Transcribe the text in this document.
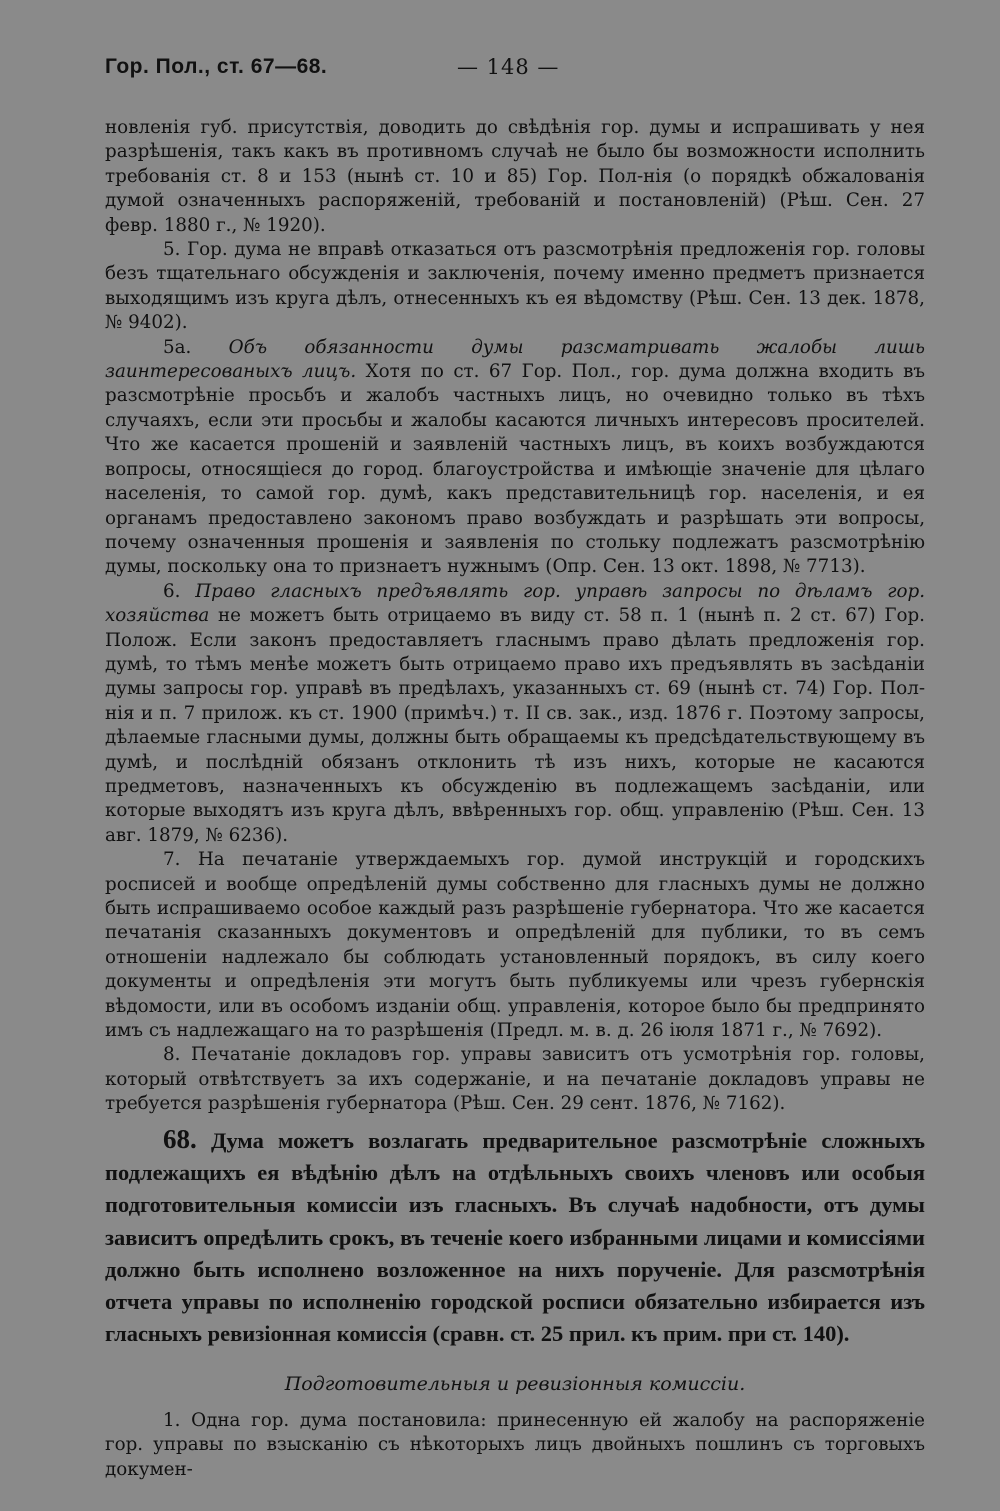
Гор. Пол., ст. 67—68.	— 148 —

новленія губ. присутствія, доводить до свѣдѣнія гор. думы и испрашивать у нея разрѣшенія, такъ какъ въ противномъ случаѣ не было бы возможности исполнить требованія ст. 8 и 153 (нынѣ ст. 10 и 85) Гор. Пол-нія (о порядкѣ обжалованія думой означенныхъ распоряженій, требованій и постановленій) (Рѣш. Сен. 27 февр. 1880 г., № 1920).

5. Гор. дума не вправѣ отказаться отъ разсмотрѣнія предложенія гор. головы безъ тщательнаго обсужденія и заключенія, почему именно предметъ признается выходящимъ изъ круга дѣлъ, отнесенныхъ къ ея вѣдомству (Рѣш. Сен. 13 дек. 1878, № 9402).

5а. Объ обязанности думы разсматривать жалобы лишь заинтересованыхъ лицъ. Хотя по ст. 67 Гор. Пол., гор. дума должна входить въ разсмотрѣніе просьбъ и жалобъ частныхъ лицъ, но очевидно только въ тѣхъ случаяхъ, если эти просьбы и жалобы касаются личныхъ интересовъ просителей. Что же касается прошеній и заявленій частныхъ лицъ, въ коихъ возбуждаются вопросы, относящіеся до город. благоустройства и имѣющіе значеніе для цѣлаго населенія, то самой гор. думѣ, какъ представительницѣ гор. населенія, и ея органамъ предоставлено закономъ право возбуждать и разрѣшать эти вопросы, почему означенныя прошенія и заявленія по стольку подлежатъ разсмотрѣнію думы, поскольку она то признаетъ нужнымъ (Опр. Сен. 13 окт. 1898, № 7713).

6. Право гласныхъ предъявлять гор. управѣ запросы по дѣламъ гор. хозяйства не можетъ быть отрицаемо въ виду ст. 58 п. 1 (нынѣ п. 2 ст. 67) Гор. Полож. Если законъ предоставляетъ гласнымъ право дѣлать предложенія гор. думѣ, то тѣмъ менѣе можетъ быть отрицаемо право ихъ предъявлять въ засѣданіи думы запросы гор. управѣ въ предѣлахъ, указанныхъ ст. 69 (нынѣ ст. 74) Гор. Пол-нія и п. 7 прилож. къ ст. 1900 (примѣч.) т. II св. зак., изд. 1876 г. Поэтому запросы, дѣлаемые гласными думы, должны быть обращаемы къ предсѣдательствующему въ думѣ, и послѣдній обязанъ отклонить тѣ изъ нихъ, которые не касаются предметовъ, назначенныхъ къ обсужденію въ подлежащемъ засѣданіи, или которые выходятъ изъ круга дѣлъ, ввѣренныхъ гор. общ. управленію (Рѣш. Сен. 13 авг. 1879, № 6236).

7. На печатаніе утверждаемыхъ гор. думой инструкцій и городскихъ росписей и вообще опредѣленій думы собственно для гласныхъ думы не должно быть испрашиваемо особое каждый разъ разрѣшеніе губернатора. Что же касается печатанія сказанныхъ документовъ и опредѣленій для публики, то въ семъ отношеніи надлежало бы соблюдать установленный порядокъ, въ силу коего документы и опредѣленія эти могутъ быть публикуемы или чрезъ губернскія вѣдомости, или въ особомъ изданіи общ. управленія, которое было бы предпринято имъ съ надлежащаго на то разрѣшенія (Предл. м. в. д. 26 іюля 1871 г., № 7692).

8. Печатаніе докладовъ гор. управы зависитъ отъ усмотрѣнія гор. головы, который отвѣтствуетъ за ихъ содержаніе, и на печатаніе докладовъ управы не требуется разрѣшенія губернатора (Рѣш. Сен. 29 сент. 1876, № 7162).

68. Дума можетъ возлагать предварительное разсмотрѣніе сложныхъ подлежащихъ ея вѣдѣнію дѣлъ на отдѣльныхъ своихъ членовъ или особыя подготовительныя комиссіи изъ гласныхъ. Въ случаѣ надобности, отъ думы зависитъ опредѣлить срокъ, въ теченіе коего избранными лицами и комиссіями должно быть исполнено возложенное на нихъ порученіе. Для разсмотрѣнія отчета управы по исполненію городской росписи обязательно избирается изъ гласныхъ ревизіонная комиссія (сравн. ст. 25 прил. къ прим. при ст. 140).
Подготовительныя и ревизіонныя комиссіи.

1. Одна гор. дума постановила: принесенную ей жалобу на распоряженіе гор. управы по взысканію съ нѣкоторыхъ лицъ двойныхъ пошлинъ съ торговыхъ докумен-
